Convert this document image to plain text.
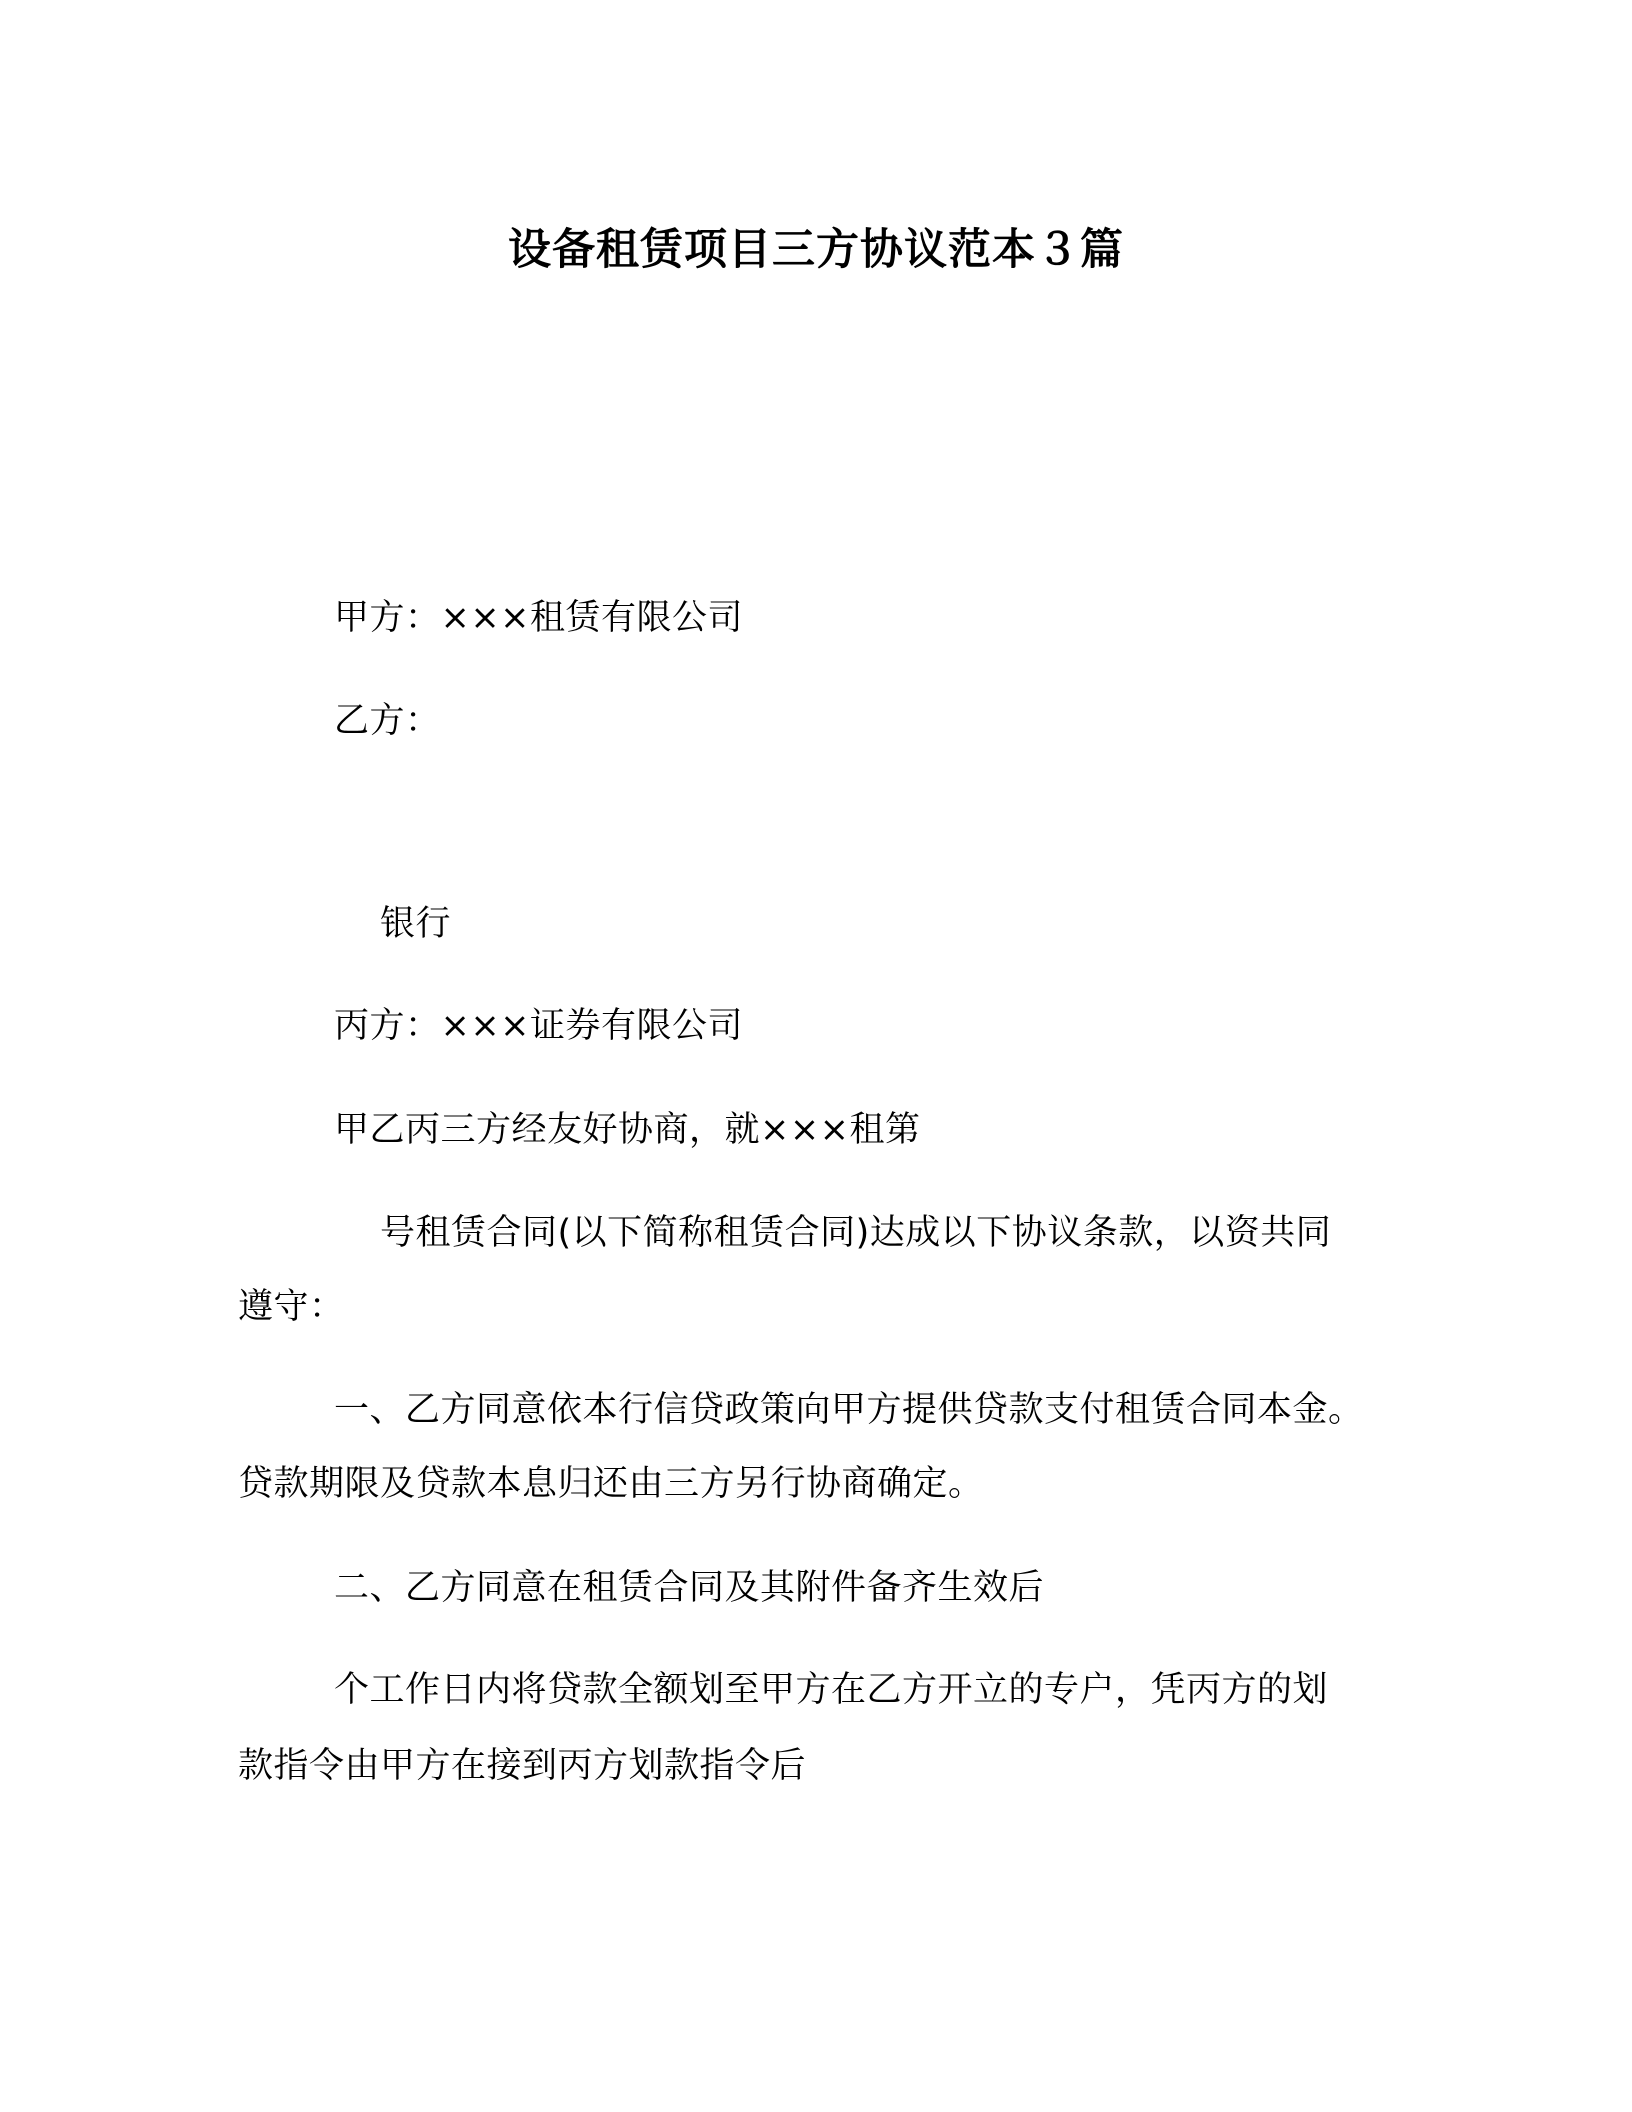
设备租赁项目三方协议范本３篇
甲方：×××租赁有限公司
乙方：
银行
丙方：×××证券有限公司
甲乙丙三方经友好协商，就×××租第
号租赁合同(以下简称租赁合同)达成以下协议条款，以资共同
遵守：
一、乙方同意依本行信贷政策向甲方提供贷款支付租赁合同本金。
贷款期限及贷款本息归还由三方另行协商确定。
二、乙方同意在租赁合同及其附件备齐生效后
个工作日内将贷款全额划至甲方在乙方开立的专户，凭丙方的划
款指令由甲方在接到丙方划款指令后
